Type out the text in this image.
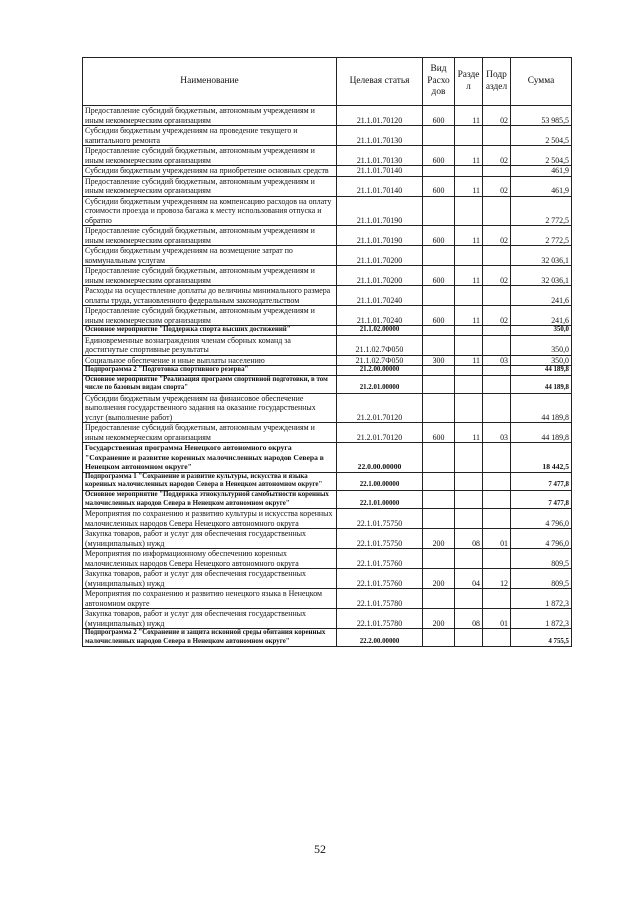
Наименование	Целевая статья	Вид Расхо дов	Разде л	Подр аздел	Сумма
Предоставление субсидий бюджетным, автономным учреждениям и иным некоммерческим организациям	21.1.01.70120	600	11	02	53 985,5
Субсидии бюджетным учреждениям на проведение текущего и капитального ремонта	21.1.01.70130				2 504,5
Предоставление субсидий бюджетным, автономным учреждениям и иным некоммерческим организациям	21.1.01.70130	600	11	02	2 504,5
Субсидии бюджетным учреждениям на приобретение основных средств	21.1.01.70140				461,9
Предоставление субсидий бюджетным, автономным учреждениям и иным некоммерческим организациям	21.1.01.70140	600	11	02	461,9
Субсидии бюджетным учреждениям на компенсацию расходов на оплату стоимости проезда и провоза багажа к месту использования отпуска и обратно	21.1.01.70190				2 772,5
Предоставление субсидий бюджетным, автономным учреждениям и иным некоммерческим организациям	21.1.01.70190	600	11	02	2 772,5
Субсидии бюджетным учреждениям на возмещение затрат по коммунальным услугам	21.1.01.70200				32 036,1
Предоставление субсидий бюджетным, автономным учреждениям и иным некоммерческим организациям	21.1.01.70200	600	11	02	32 036,1
Расходы на осуществление доплаты до величины минимального размера оплаты труда, установленного федеральным законодательством	21.1.01.70240				241,6
Предоставление субсидий бюджетным, автономным учреждениям и иным некоммерческим организациям	21.1.01.70240	600	11	02	241,6
Основное мероприятие "Поддержка спорта высших достижений"	21.1.02.00000				350,0
Единовременные вознаграждения членам сборных команд за достигнутые спортивные результаты	21.1.02.7Ф050				350,0
Социальное обеспечение и иные выплаты населению	21.1.02.7Ф050	300	11	03	350,0
Подпрограмма 2 "Подготовка спортивного резерва"	21.2.00.00000				44 189,8
Основное мероприятие "Реализация программ спортивной подготовки, в том числе по базовым видам спорта"	21.2.01.00000				44 189,8
Субсидии бюджетным учреждениям на финансовое обеспечение выполнения государственного задания на оказание государственных услуг (выполнение работ)	21.2.01.70120				44 189,8
Предоставление субсидий бюджетным, автономным учреждениям и иным некоммерческим организациям	21.2.01.70120	600	11	03	44 189,8
Государственная программа Ненецкого автономного округа "Сохранение и развитие коренных малочисленных народов Севера в Ненецком автономном округе"	22.0.00.00000				18 442,5
Подпрограмма 1 "Сохранение и развитие культуры, искусства и языка коренных малочисленных народов Севера в Ненецком автономном округе"	22.1.00.00000				7 477,8
Основное мероприятие "Поддержка этнокультурной самобытности коренных малочисленных народов Севера в Ненецком автономном округе"	22.1.01.00000				7 477,8
Мероприятия по сохранению и развитию культуры и искусства коренных малочисленных народов Севера Ненецкого автономного округа	22.1.01.75750				4 796,0
Закупка товаров, работ и услуг для обеспечения государственных (муниципальных) нужд	22.1.01.75750	200	08	01	4 796,0
Мероприятия по информационному обеспечению коренных малочисленных народов Севера Ненецкого автономного округа	22.1.01.75760				809,5
Закупка товаров, работ и услуг для обеспечения государственных (муниципальных) нужд	22.1.01.75760	200	04	12	809,5
Мероприятия по сохранению и развитию ненецкого языка в Ненецком автономном округе	22.1.01.75780				1 872,3
Закупка товаров, работ и услуг для обеспечения государственных (муниципальных) нужд	22.1.01.75780	200	08	01	1 872,3
Подпрограмма 2 "Сохранение и защита исконной среды обитания коренных малочисленных народов Севера в Ненецком автономном округе"	22.2.00.00000				4 755,5
52
